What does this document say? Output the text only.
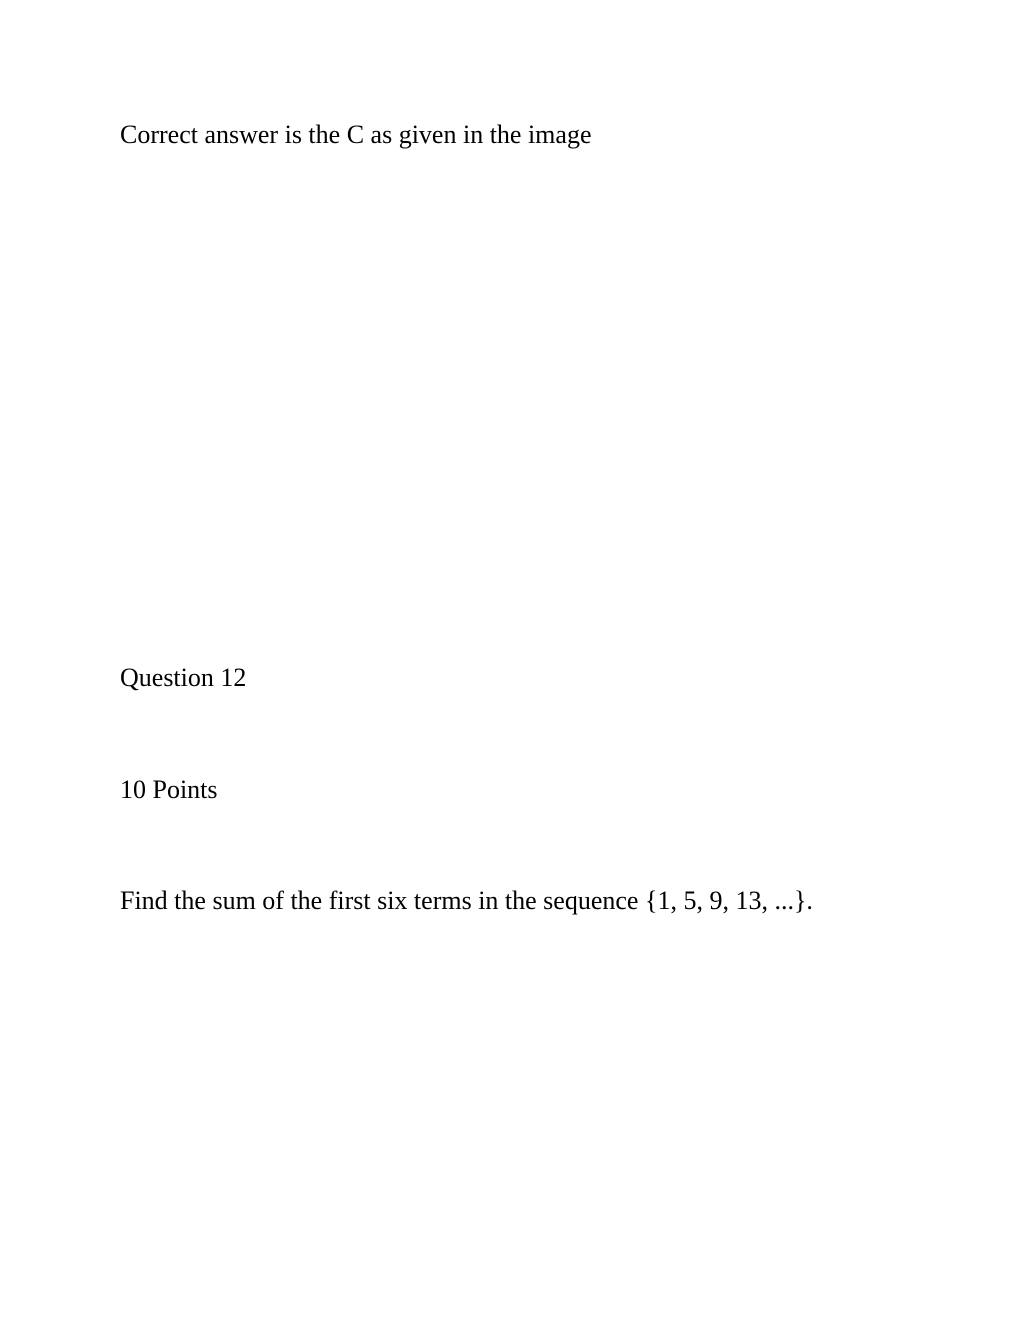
Correct answer is the C as given in the image
Question 12
10 Points
Find the sum of the first six terms in the sequence {1, 5, 9, 13, ...}.
